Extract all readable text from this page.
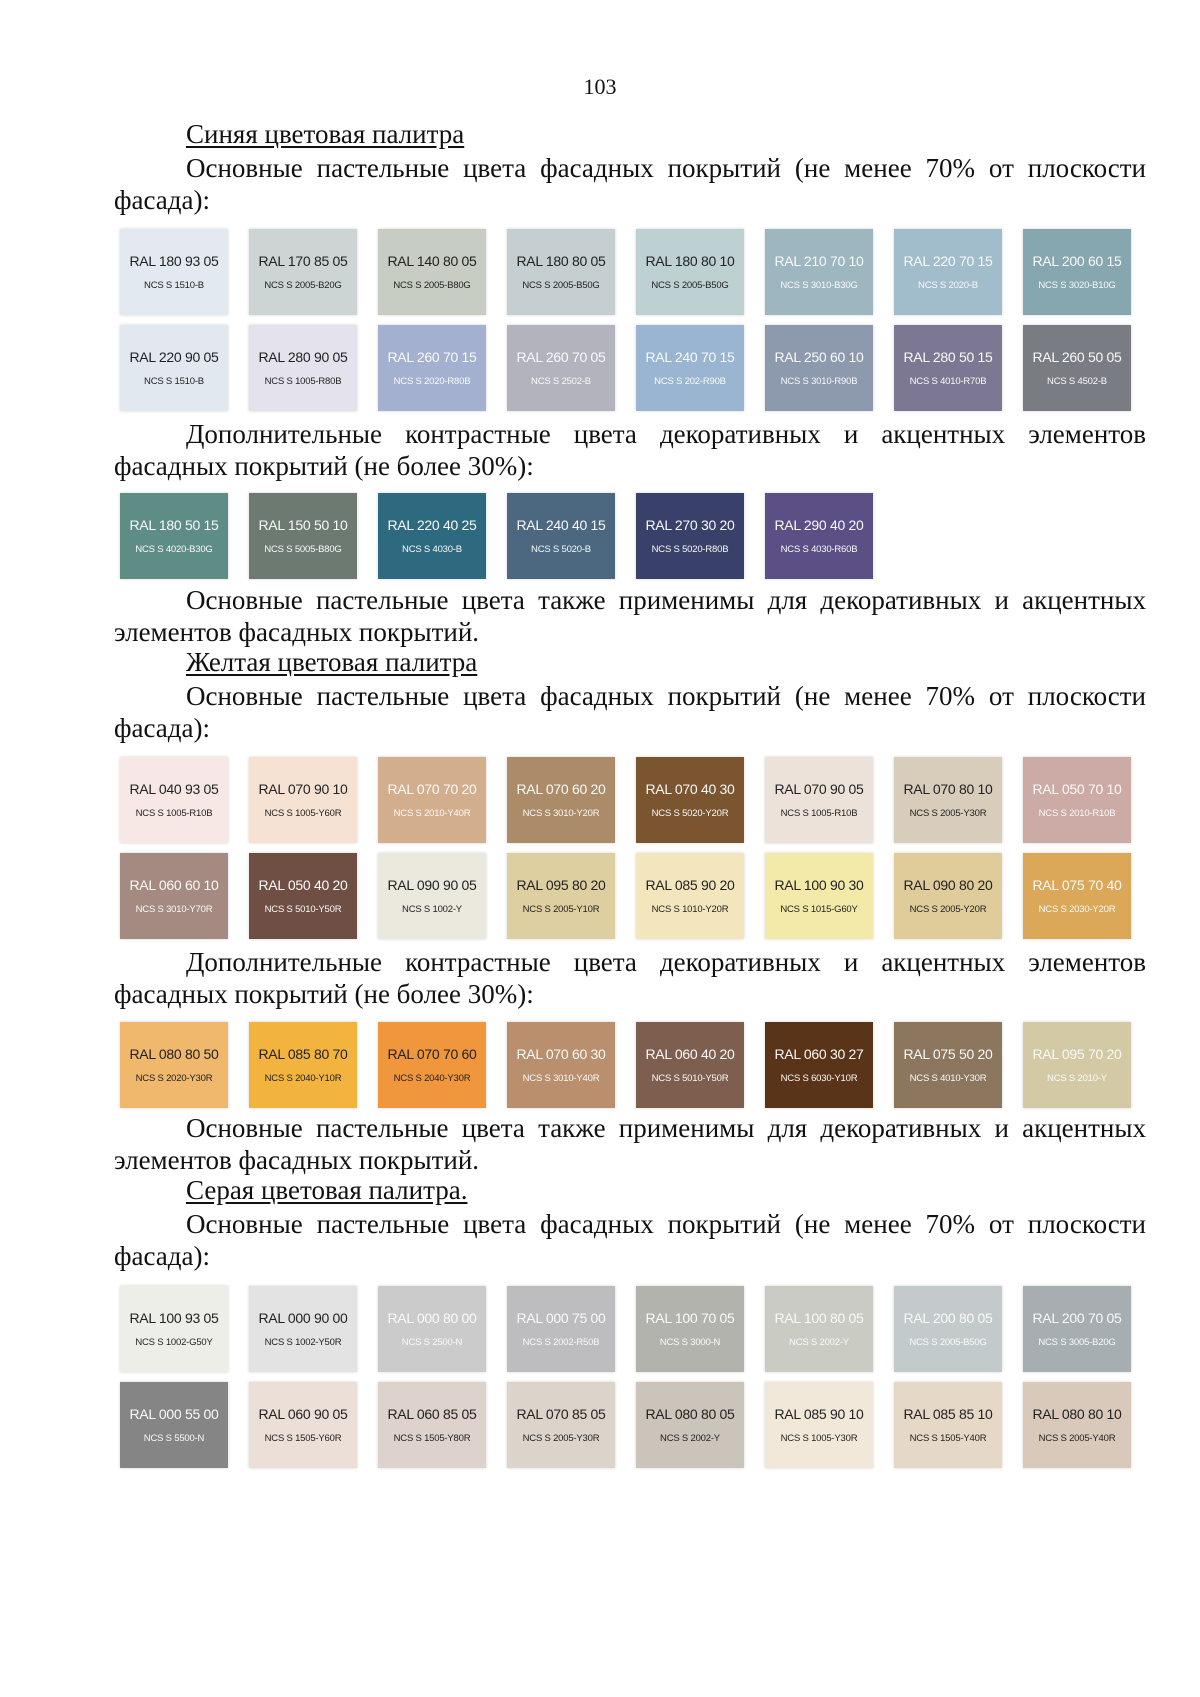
103
Синяя цветовая палитра
Основные пастельные цвета фасадных покрытий (не менее 70% от плоскости фасада):
RAL 180 93 05
NCS S 1510-B
RAL 170 85 05
NCS S 2005-B20G
RAL 140 80 05
NCS S 2005-B80G
RAL 180 80 05
NCS S 2005-B50G
RAL 180 80 10
NCS S 2005-B50G
RAL 210 70 10
NCS S 3010-B30G
RAL 220 70 15
NCS S 2020-B
RAL 200 60 15
NCS S 3020-B10G
RAL 220 90 05
NCS S 1510-B
RAL 280 90 05
NCS S 1005-R80B
RAL 260 70 15
NCS S 2020-R80B
RAL 260 70 05
NCS S 2502-B
RAL 240 70 15
NCS S 202-R90B
RAL 250 60 10
NCS S 3010-R90B
RAL 280 50 15
NCS S 4010-R70B
RAL 260 50 05
NCS S 4502-B
Дополнительные контрастные цвета декоративных и акцентных элементов фасадных покрытий (не более 30%):
RAL 180 50 15
NCS S 4020-B30G
RAL 150 50 10
NCS S 5005-B80G
RAL 220 40 25
NCS S 4030-B
RAL 240 40 15
NCS S 5020-B
RAL 270 30 20
NCS S 5020-R80B
RAL 290 40 20
NCS S 4030-R60B
Основные пастельные цвета также применимы для декоративных и акцентных элементов фасадных покрытий.
Желтая цветовая палитра
Основные пастельные цвета фасадных покрытий (не менее 70% от плоскости фасада):
RAL 040 93 05
NCS S 1005-R10B
RAL 070 90 10
NCS S 1005-Y60R
RAL 070 70 20
NCS S 2010-Y40R
RAL 070 60 20
NCS S 3010-Y20R
RAL 070 40 30
NCS S 5020-Y20R
RAL 070 90 05
NCS S 1005-R10B
RAL 070 80 10
NCS S 2005-Y30R
RAL 050 70 10
NCS S 2010-R10B
RAL 060 60 10
NCS S 3010-Y70R
RAL 050 40 20
NCS S 5010-Y50R
RAL 090 90 05
NCS S 1002-Y
RAL 095 80 20
NCS S 2005-Y10R
RAL 085 90 20
NCS S 1010-Y20R
RAL 100 90 30
NCS S 1015-G60Y
RAL 090 80 20
NCS S 2005-Y20R
RAL 075 70 40
NCS S 2030-Y20R
Дополнительные контрастные цвета декоративных и акцентных элементов фасадных покрытий (не более 30%):
RAL 080 80 50
NCS S 2020-Y30R
RAL 085 80 70
NCS S 2040-Y10R
RAL 070 70 60
NCS S 2040-Y30R
RAL 070 60 30
NCS S 3010-Y40R
RAL 060 40 20
NCS S 5010-Y50R
RAL 060 30 27
NCS S 6030-Y10R
RAL 075 50 20
NCS S 4010-Y30R
RAL 095 70 20
NCS S 2010-Y
Основные пастельные цвета также применимы для декоративных и акцентных элементов фасадных покрытий.
Серая цветовая палитра.
Основные пастельные цвета фасадных покрытий (не менее 70% от плоскости фасада):
RAL 100 93 05
NCS S 1002-G50Y
RAL 000 90 00
NCS S 1002-Y50R
RAL 000 80 00
NCS S 2500-N
RAL 000 75 00
NCS S 2002-R50B
RAL 100 70 05
NCS S 3000-N
RAL 100 80 05
NCS S 2002-Y
RAL 200 80 05
NCS S 2005-B50G
RAL 200 70 05
NCS S 3005-B20G
RAL 000 55 00
NCS S 5500-N
RAL 060 90 05
NCS S 1505-Y60R
RAL 060 85 05
NCS S 1505-Y80R
RAL 070 85 05
NCS S 2005-Y30R
RAL 080 80 05
NCS S 2002-Y
RAL 085 90 10
NCS S 1005-Y30R
RAL 085 85 10
NCS S 1505-Y40R
RAL 080 80 10
NCS S 2005-Y40R
